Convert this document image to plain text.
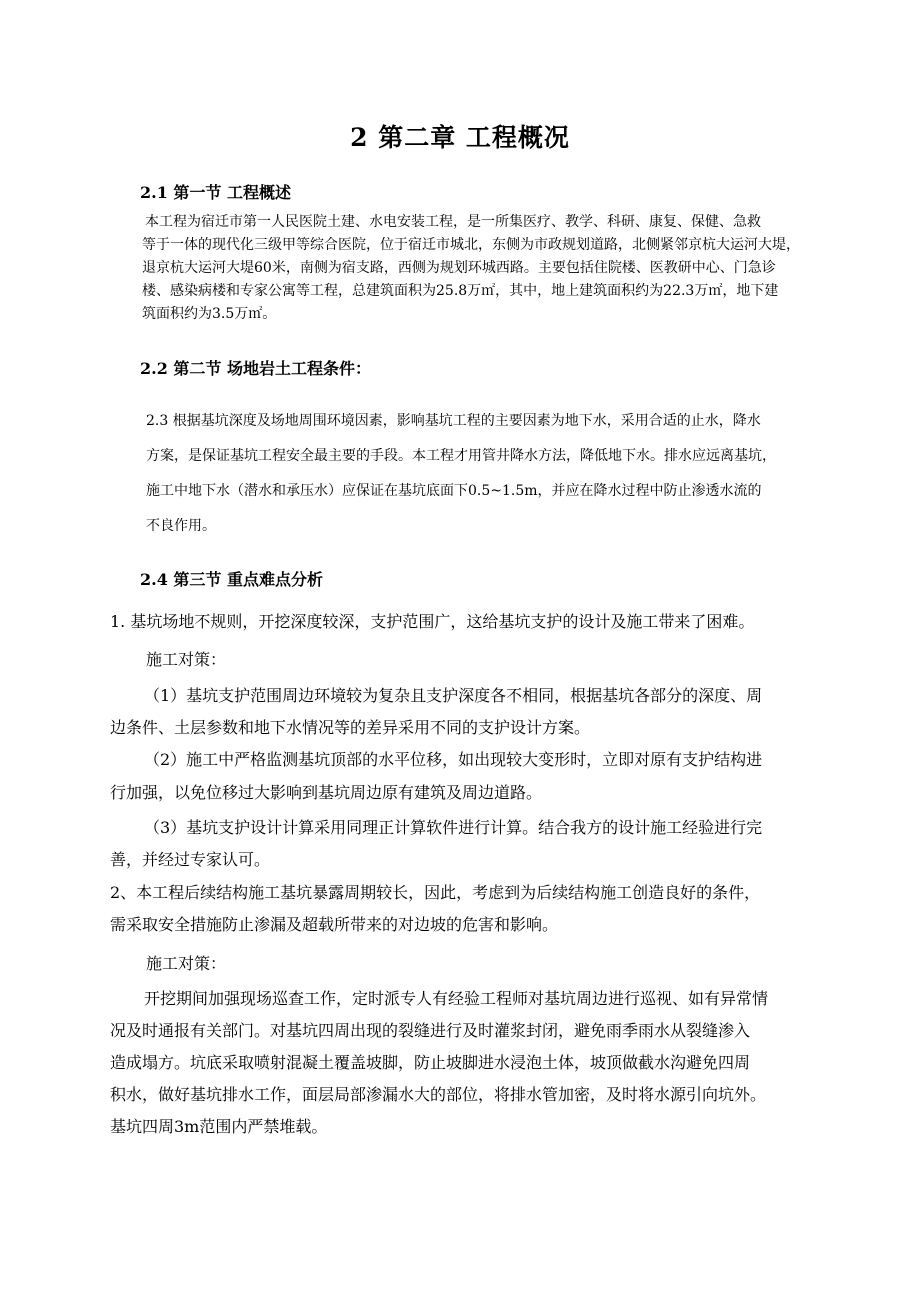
2 第二章 工程概况
2.1 第一节 工程概述
本工程为宿迁市第一人民医院土建、水电安装工程，是一所集医疗、教学、科研、康复、保健、急救
等于一体的现代化三级甲等综合医院，位于宿迁市城北，东侧为市政规划道路，北侧紧邻京杭大运河大堤，
退京杭大运河大堤60米，南侧为宿支路，西侧为规划环城西路。主要包括住院楼、医教研中心、门急诊
楼、感染病楼和专家公寓等工程，总建筑面积为25.8万㎡，其中，地上建筑面积约为22.3万㎡，地下建
筑面积约为3.5万㎡。
2.2 第二节 场地岩土工程条件：
2.3 根据基坑深度及场地周围环境因素，影响基坑工程的主要因素为地下水，采用合适的止水，降水
方案，是保证基坑工程安全最主要的手段。本工程才用管井降水方法，降低地下水。排水应远离基坑，
施工中地下水（潜水和承压水）应保证在基坑底面下0.5~1.5m，并应在降水过程中防止渗透水流的
不良作用。
2.4 第三节 重点难点分析
1. 基坑场地不规则，开挖深度较深，支护范围广，这给基坑支护的设计及施工带来了困难。
施工对策：
（1）基坑支护范围周边环境较为复杂且支护深度各不相同，根据基坑各部分的深度、周
边条件、土层参数和地下水情况等的差异采用不同的支护设计方案。
（2）施工中严格监测基坑顶部的水平位移，如出现较大变形时，立即对原有支护结构进
行加强，以免位移过大影响到基坑周边原有建筑及周边道路。
（3）基坑支护设计计算采用同理正计算软件进行计算。结合我方的设计施工经验进行完
善，并经过专家认可。
2、本工程后续结构施工基坑暴露周期较长，因此，考虑到为后续结构施工创造良好的条件，
需采取安全措施防止渗漏及超载所带来的对边坡的危害和影响。
施工对策：
开挖期间加强现场巡查工作，定时派专人有经验工程师对基坑周边进行巡视、如有异常情
况及时通报有关部门。对基坑四周出现的裂缝进行及时灌浆封闭，避免雨季雨水从裂缝渗入
造成塌方。坑底采取喷射混凝土覆盖坡脚，防止坡脚进水浸泡土体，坡顶做截水沟避免四周
积水，做好基坑排水工作，面层局部渗漏水大的部位，将排水管加密，及时将水源引向坑外。
基坑四周3m范围内严禁堆载。
